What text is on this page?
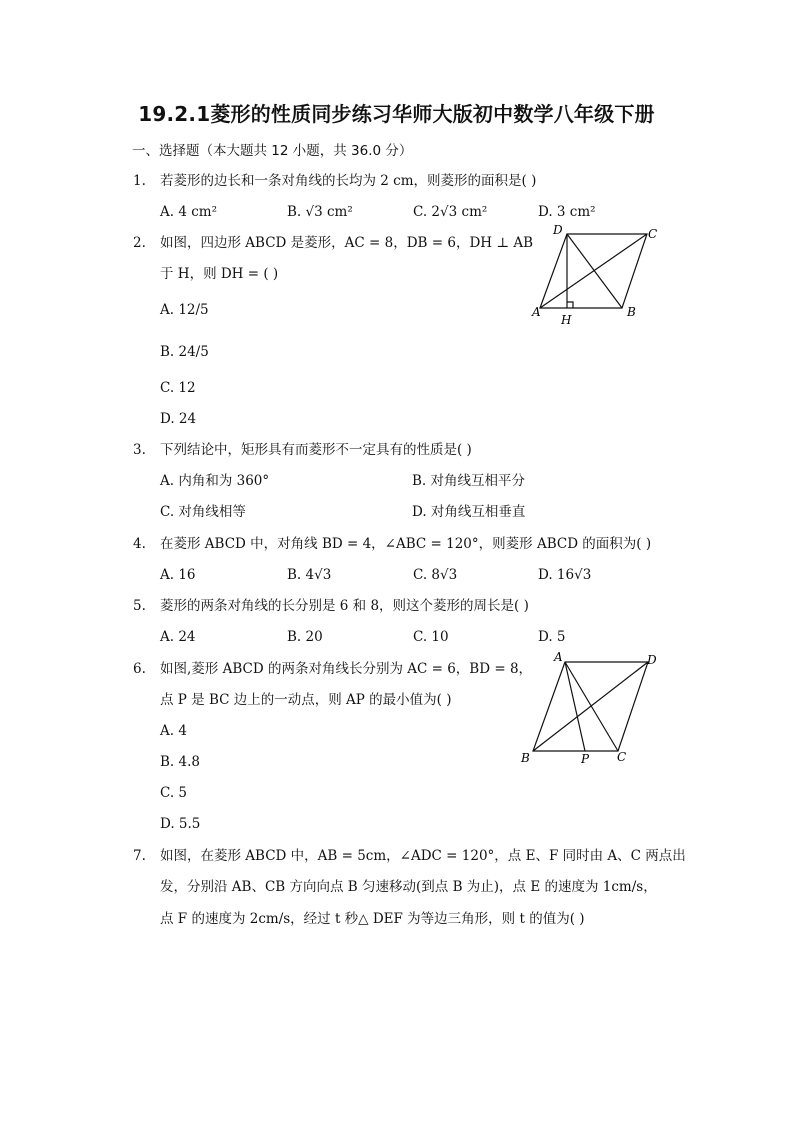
19.2.1菱形的性质同步练习华师大版初中数学八年级下册
一、选择题（本大题共 12 小题，共 36.0 分）
1. 若菱形的边长和一条对角线的长均为 2 cm，则菱形的面积是( )
A. 4 cm²	B. √3 cm²	C. 2√3 cm²	D. 3 cm²
2. 如图，四边形 ABCD 是菱形，AC = 8，DB = 6，DH ⊥ AB
于 H，则 DH = ( )
A. 12/5
B. 24/5
C. 12
D. 24
D	C
A
H
B
3. 下列结论中，矩形具有而菱形不一定具有的性质是( )
A. 内角和为 360°	B. 对角线互相平分
C. 对角线相等	D. 对角线互相垂直
4. 在菱形 ABCD 中，对角线 BD = 4，∠ABC = 120°，则菱形 ABCD 的面积为( )
A. 16	B. 4√3	C. 8√3	D. 16√3
5. 菱形的两条对角线的长分别是 6 和 8，则这个菱形的周长是( )
A. 24	B. 20	C. 10	D. 5
6. 如图,菱形 ABCD 的两条对角线长分别为 AC = 6，BD = 8，
点 P 是 BC 边上的一动点，则 AP 的最小值为( )
A. 4
B. 4.8
C. 5
D. 5.5
A	D
B	P C
7. 如图，在菱形 ABCD 中，AB = 5cm，∠ADC = 120°，点 E、F 同时由 A、C 两点出
发，分别沿 AB、CB 方向向点 B 匀速移动(到点 B 为止)，点 E 的速度为 1cm/s，
点 F 的速度为 2cm/s，经过 t 秒△ DEF 为等边三角形，则 t 的值为( )
